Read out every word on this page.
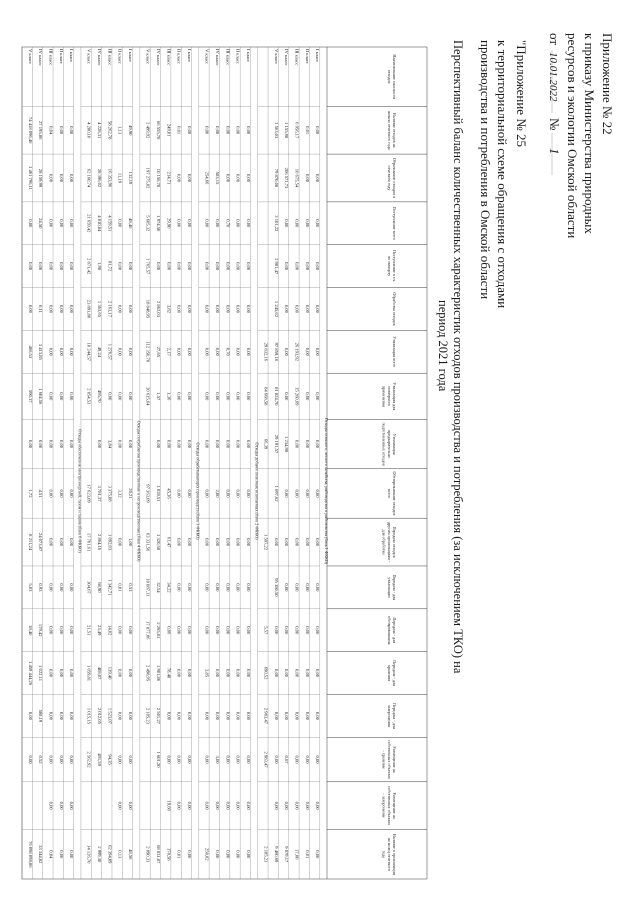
Приложение № 22
к приказу Министерства природных
ресурсов и экологии Омской области
от
10.01.2022
№
1
"Приложение № 25
к территориальной схеме обращения с отходами
производства и потребления в Омской области
Перспективный баланс количественных характеристик отходов производства и потребления (за исключением ТКО) на
период 2021 года
Наименование опасности
отходов
Наличие отходов на
начало отчетного года
Образование отходов в
отчетном году
Поступление всего
Поступление в т.ч.
по импорту
Обработка отходов
Утилизация всего
Утилизация для
повторного
применения
Утилизация
предварительно
подготовленных отходов
Обезвреживание отходов
всего
Передача отходов
другим организациям -
для обработки
Передача - для
утилизации
Передача - для
обезвреживания
Передача - для
хранения
Передача - для
захоронения
Размещение на
собственных объектах
- хранение
Размещение на
собственных объектах
- захоронение
Наличие в организации
на конец отчетного
года
Отходы сельского, лесного хозяйства, рыбоводства и рыболовства (блок 1 ФККО)
I класс
0,00
0,00
0,00
0,00
0,00
0,00
0,00
0,00
0,00
0,00
0,00
0,00
0,00
0,00
0,00
0,00
0,00
II класс
0,01
0,00
0,00
0,00
0,00
0,00
0,00
0,00
0,00
0,00
0,00
0,00
0,00
0,00
0,00
0,00
0,01
III класс
6 956,17
10 675,54
0,00
0,00
0,00
26 193,92
15 260,69
0,00
0,00
0,00
0,00
0,00
0,00
0,00
0,00
0,00
17,00
IV класс
1 155,98
206 571,73
0,00
0,00
0,00
0,00
0,00
1 234,98
0,00
0,00
0,00
0,00
0,00
0,00
0,67
0,00
9 079,17
V класс
1 563,03
79 870,08
3 101,22
2 981,47
1 245,62
97 859,18
81 824,70
29 191,57
1 697,62
0,00
95 180,50
0,00
0,00
0,00
0,00
0,00
9 460,69
29 832,16
84 668,58
66,39
1 597,22
5,57
690,52
2 983,47
2 983,47
2 185,23
Отходы добычи полезных ископаемых (блок 2 ФККО)
I класс
0,00
0,00
0,00
0,00
0,00
0,00
0,00
0,00
0,00
0,00
0,00
0,00
0,00
0,00
0,00
0,00
0,00
II класс
0,00
0,00
0,00
0,00
0,00
0,00
0,00
0,00
0,00
0,00
0,00
0,00
0,00
0,00
0,00
0,00
0,00
III класс
0,00
0,00
0,70
0,00
0,00
0,70
0,00
0,00
0,00
0,00
0,00
0,00
0,00
0,00
0,00
0,00
0,00
IV класс
0,00
583,15
0,00
0,00
0,00
0,00
0,00
0,00
2,00
0,00
0,00
0,00
0,00
0,00
3,00
0,00
0,00
V класс
0,00
254,66
0,00
0,00
0,00
0,00
0,00
0,00
0,00
0,00
0,00
0,00
3,85
0,00
0,00
0,00
250,82
Отходы обрабатывающих производств (блок 3 ФККО)
I класс
0,00
0,00
0,00
0,00
0,00
0,00
0,00
0,00
0,00
0,00
0,00
0,00
0,00
0,00
0,00
0,00
0,00
II класс
0,01
0,00
0,00
0,00
0,00
0,00
0,00
0,00
0,00
0,00
0,00
0,00
0,00
0,00
0,00
0,00
0,01
III класс
249,01
214,71
29,90
0,00
3,82
2,17
1,36
0,00
45,36
61,47
34,22
0,86
78,48
0,00
0,00
19,60
178,58
IV класс
66 555,78
10 156,78
1 974,50
0,00
2 862,03
27,65
1,57
0,00
1 028,51
1 320,58
32,54
2 265,81
1 901,86
2 501,27
1 601,20
68 831,87
V класс
2 499,92
197 275,82
5 605,32
1 765,57
18 848,95
112 350,78
20 615,64
97 363,09
63 331,56
10 087,11
17 877,86
2 498,95
2 185,23
2 890,33
Отходы потребления производственные и непроизводственные (блок 4 ФККО)
I класс
49,90
132,19
48,46
0,00
0,00
0,00
0,00
0,00
20,21
1,00
0,53
0,00
0,00
0,00
0,00
0,00
48,56
II класс
1,13
11,19
0,00
0,00
0,00
0,00
0,00
0,00
3,32
0,00
0,01
0,00
0,00
0,00
0,00
0,00
0,13
III класс
58 262,78
16 353,96
4 159,51
81,72
2 163,17
1 276,57
0,00
3,84
3 375,08
1 092,03
1 342,71
14,02
139,40
1 523,07
94,35
62 394,89
IV класс
4 228,31
28 396,02
4 810,84
1,98
1 363,65
49,24
495,70
0,00
3 781,37
2 864,16
68,90
23,49
408,07
2 012,05
491,59
2 999,30
V класс
4 280,10
62 160,74
21 659,42
2 871,42
23 891,80
18 244,57
2 054,53
17 623,09
17 701,61
304,67
21,51
1 059,81
1 015,15
2 562,92
14 126,70
Отходы обеспечения электроэнергией, газом и паром (блок 6 ФККО)
I класс
0,00
0,00
0,00
0,00
0,00
0,00
0,00
0,00
0,00
0,00
0,00
0,00
0,00
0,00
0,00
0,00
0,00
II класс
0,00
0,00
0,00
0,00
0,00
0,00
0,00
0,00
0,00
0,00
0,00
0,00
0,00
0,00
0,00
0,00
0,00
III класс
0,04
0,00
0,00
0,00
0,00
0,00
0,00
0,00
0,00
0,00
0,00
0,00
0,00
0,00
0,00
0,00
0,04
IV класс
27 195,86
28 159,99
24,50
0,00
0,11
3 413,85
1 604,56
0,00
4,51
24 073,87
0,93
179,42
1 022,11
508,19
0,52
33 344,82
V класс
74 418 096,46
1 461 796,11
0,00
0,00
0,00
466,53
590,17
0,00
1,72
8 211,24
5,03
18,40
1 459 444,26
0,00
0,00
76 098 098,86
